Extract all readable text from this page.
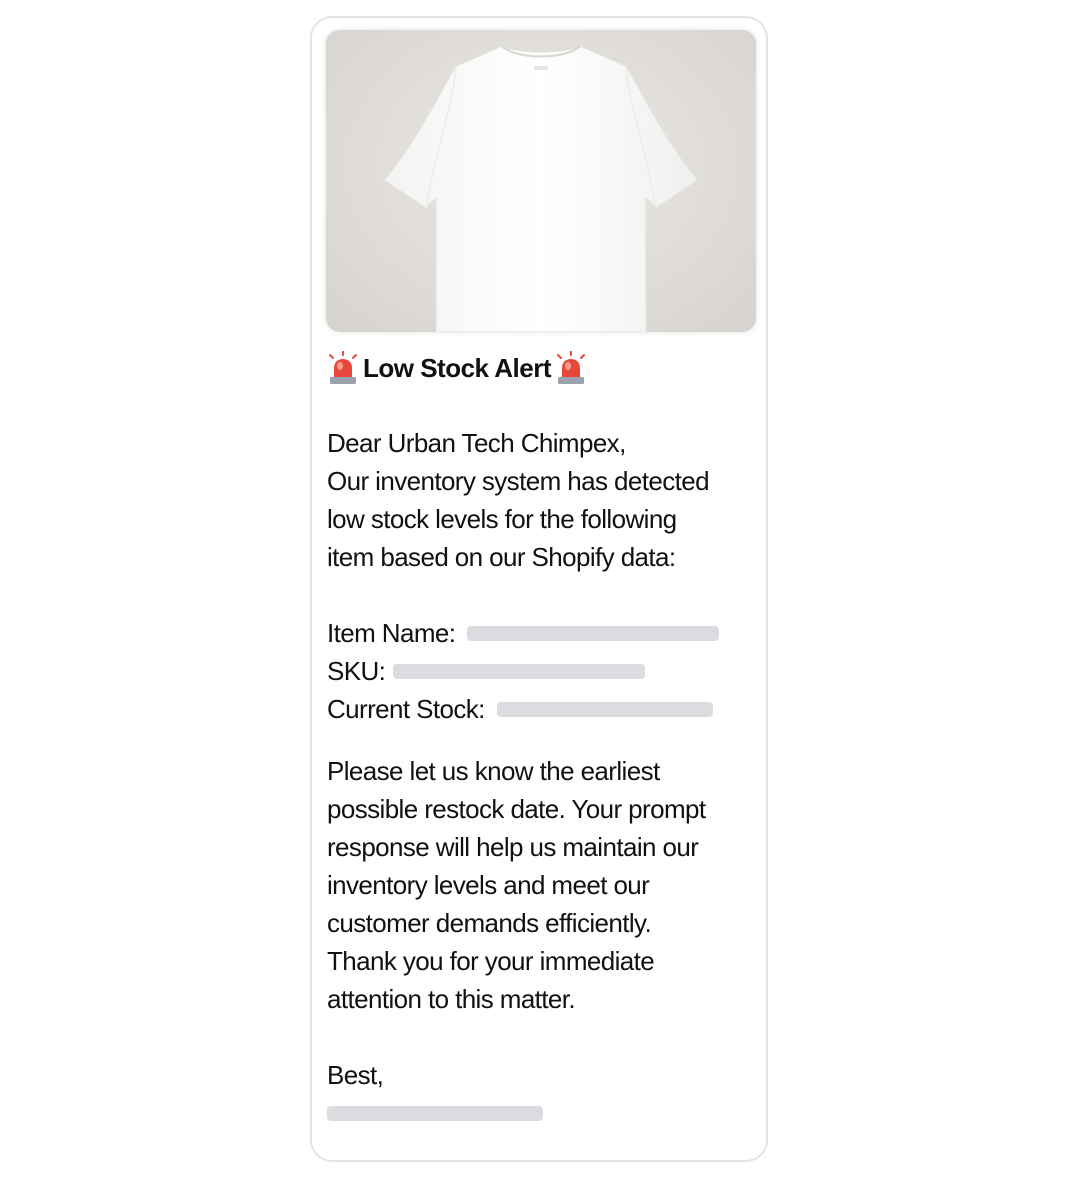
Low Stock Alert
Dear Urban Tech Chimpex,
Our inventory system has detected
low stock levels for the following
item based on our Shopify data:
Item Name:
SKU:
Current Stock:
Please let us know the earliest
possible restock date. Your prompt
response will help us maintain our
inventory levels and meet our
customer demands efficiently.
Thank you for your immediate
attention to this matter.
Best,
